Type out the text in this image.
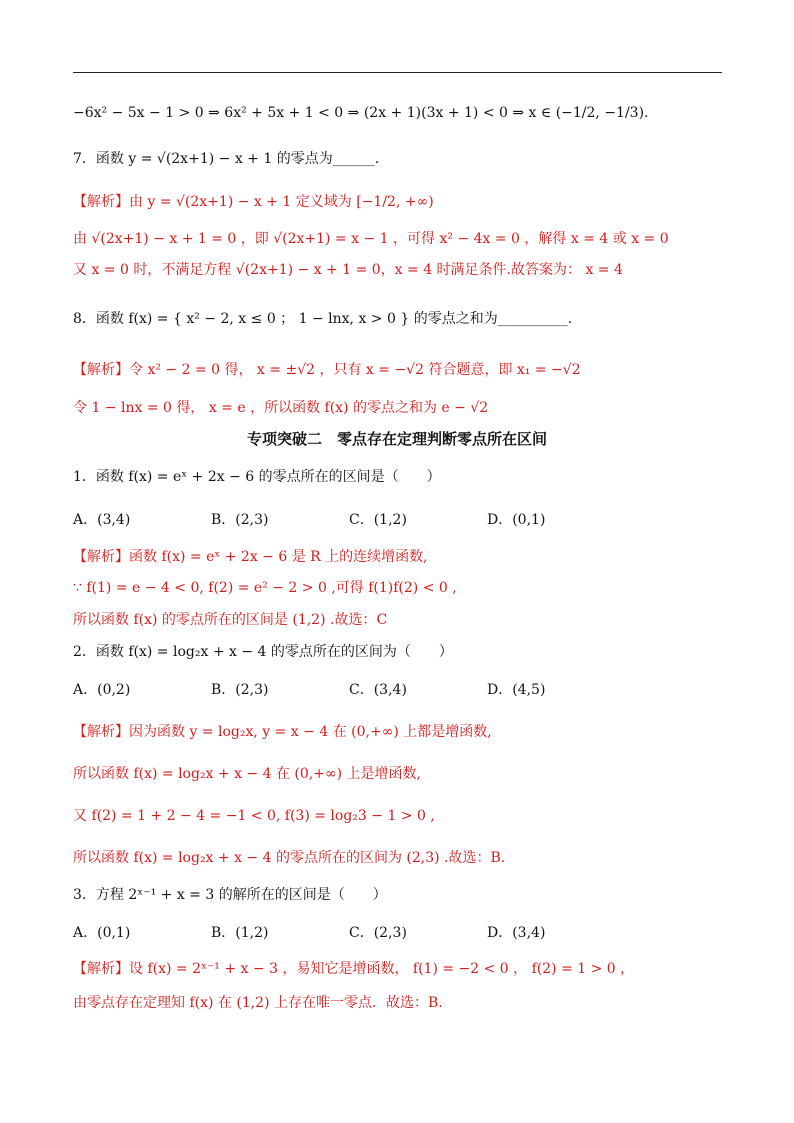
−6x² − 5x − 1 > 0 ⇒ 6x² + 5x + 1 < 0 ⇒ (2x + 1)(3x + 1) < 0 ⇒ x ∈ (−1/2, −1/3).
7．函数 y = √(2x+1) − x + 1 的零点为______.
【解析】由 y = √(2x+1) − x + 1 定义域为 [−1/2, +∞)
由 √(2x+1) − x + 1 = 0 ，即 √(2x+1) = x − 1 ，可得 x² − 4x = 0 ，解得 x = 4 或 x = 0
又 x = 0 时，不满足方程 √(2x+1) − x + 1 = 0，x = 4 时满足条件.故答案为： x = 4
8．函数 f(x) = { x² − 2, x ≤ 0 ； 1 − lnx, x > 0 } 的零点之和为__________.
【解析】令 x² − 2 = 0 得， x = ±√2 ，只有 x = −√2 符合题意，即 x₁ = −√2
令 1 − lnx = 0 得， x = e ，所以函数 f(x) 的零点之和为 e − √2
专项突破二　零点存在定理判断零点所在区间
1．函数 f(x) = eˣ + 2x − 6 的零点所在的区间是（　　）
A．(3,4)	B．(2,3)	C．(1,2)	D．(0,1)
【解析】函数 f(x) = eˣ + 2x − 6 是 R 上的连续增函数,
∵ f(1) = e − 4 < 0, f(2) = e² − 2 > 0 ,可得 f(1)f(2) < 0 ,
所以函数 f(x) 的零点所在的区间是 (1,2) .故选：C
2．函数 f(x) = log₂x + x − 4 的零点所在的区间为（　　）
A．(0,2)	B．(2,3)	C．(3,4)	D．(4,5)
【解析】因为函数 y = log₂x, y = x − 4 在 (0,+∞) 上都是增函数,
所以函数 f(x) = log₂x + x − 4 在 (0,+∞) 上是增函数,
又 f(2) = 1 + 2 − 4 = −1 < 0, f(3) = log₂3 − 1 > 0 ,
所以函数 f(x) = log₂x + x − 4 的零点所在的区间为 (2,3) .故选：B.
3．方程 2ˣ⁻¹ + x = 3 的解所在的区间是（　　）
A．(0,1)	B．(1,2)	C．(2,3)	D．(3,4)
【解析】设 f(x) = 2ˣ⁻¹ + x − 3 ，易知它是增函数， f(1) = −2 < 0 ， f(2) = 1 > 0 ，
由零点存在定理知 f(x) 在 (1,2) 上存在唯一零点．故选：B.
